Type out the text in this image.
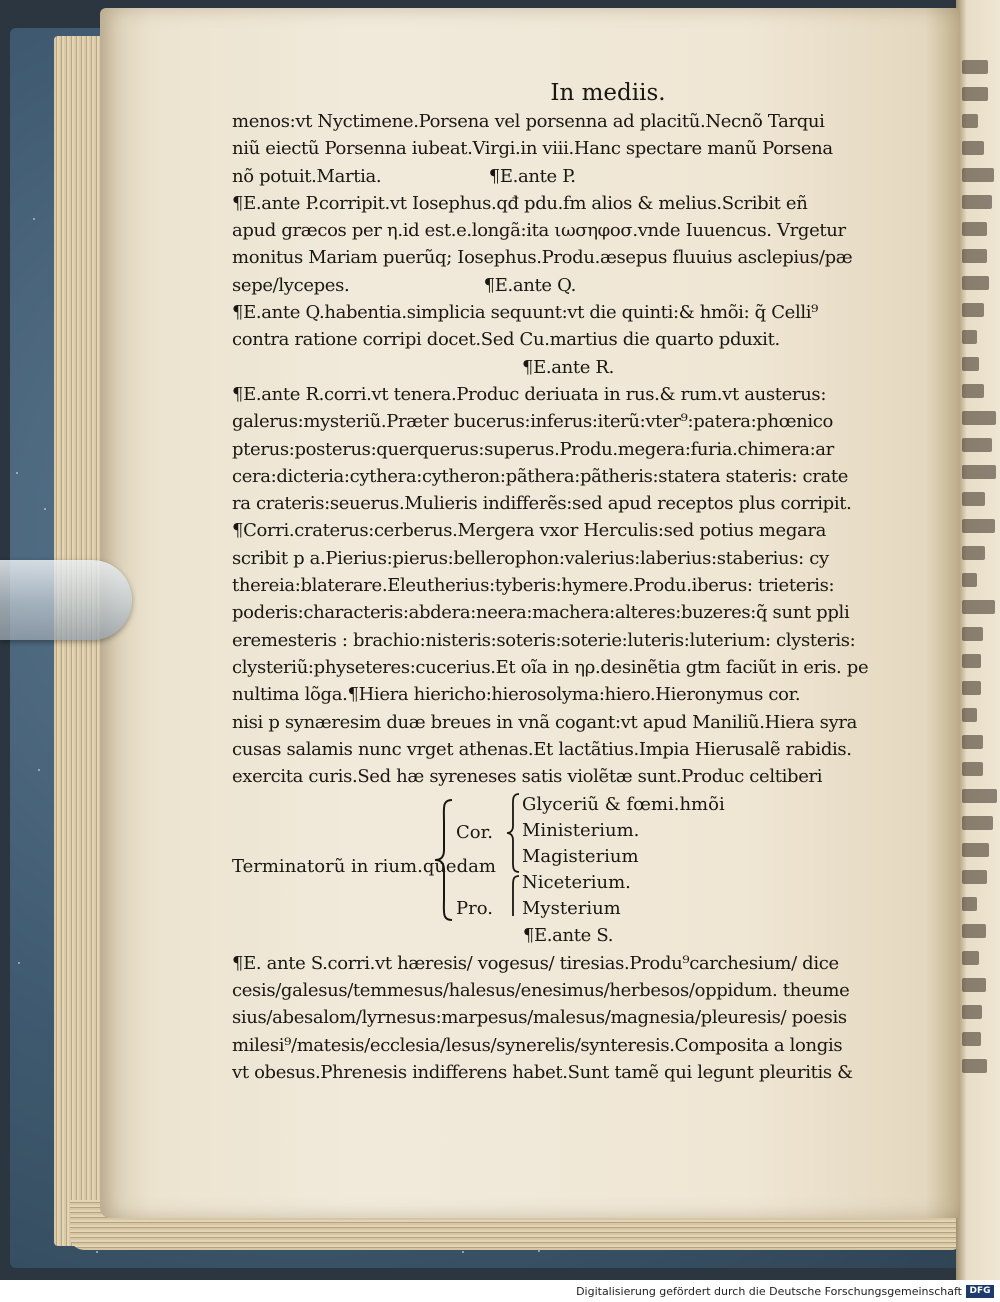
In mediis.
menos:vt Nyctimene.Porsena vel porsenna ad placitũ.Necnõ Tarqui
niũ eiectũ Porsenna iubeat.Virgi.in viii.Hanc spectare manũ Porsena
nõ potuit.Martia.                    ¶E.ante P.
¶E.ante P.corripit.vt Iosephus.qđ pdu.fm alios & melius.Scribit eñ
apud græcos per η.id est.e.longã:ita ιωσηφοσ.vnde Iuuencus. Vrgetur
monitus Mariam puerũq; Iosephus.Produ.æsepus fluuius asclepius/pæ
sepe/lycepes.                         ¶E.ante Q.
¶E.ante Q.habentia.simplicia sequunt:vt die quinti:& hmõi: q̃ Celli⁹
contra ratione corripi docet.Sed Cu.martius die quarto pduxit.
¶E.ante R.
¶E.ante R.corri.vt tenera.Produc deriuata in rus.& rum.vt austerus:
galerus:mysteriũ.Præter bucerus:inferus:iterũ:vter⁹:patera:phœnico
pterus:posterus:querquerus:superus.Produ.megera:furia.chimera:ar
cera:dicteria:cythera:cytheron:pãthera:pãtheris:statera stateris: crate
ra crateris:seuerus.Mulieris indifferẽs:sed apud receptos plus corripit.
¶Corri.craterus:cerberus.Mergera vxor Herculis:sed potius megara
scribit p a.Pierius:pierus:bellerophon:valerius:laberius:staberius: cy
thereia:blaterare.Eleutherius:tyberis:hymere.Produ.iberus: trieteris:
poderis:characteris:abdera:neera:machera:alteres:buzeres:q̃ sunt ppli
eremesteris : brachio:nisteris:soteris:soterie:luteris:luterium: clysteris:
clysteriũ:physeteres:cucerius.Et oĩa in ηρ.desinẽtia gtm faciũt in eris. pe
nultima lõga.¶Hiera hiericho:hierosolyma:hiero.Hieronymus cor.
nisi p synæresim duæ breues in vnã cogant:vt apud Maniliũ.Hiera syra
cusas salamis nunc vrget athenas.Et lactãtius.Impia Hierusalẽ rabidis.
exercita curis.Sed hæ syreneses satis violẽtæ sunt.Produc celtiberi
Glyceriũ & fœmi.hmõi
Ministerium.
Magisterium
Niceterium.
Mysterium
Terminatorũ in rium.quedam
Cor.
Pro.
¶E.ante S.
¶E. ante S.corri.vt hæresis/ vogesus/ tiresias.Produ⁹carchesium/ dice
cesis/galesus/temmesus/halesus/enesimus/herbesos/oppidum. theume
sius/abesalom/lyrnesus:marpesus/malesus/magnesia/pleuresis/ poesis
milesi⁹/matesis/ecclesia/lesus/synerelis/synteresis.Composita a longis
vt obesus.Phrenesis indifferens habet.Sunt tamẽ qui legunt pleuritis &
Digitalisierung gefördert durch die Deutsche Forschungsgemeinschaft DFG
